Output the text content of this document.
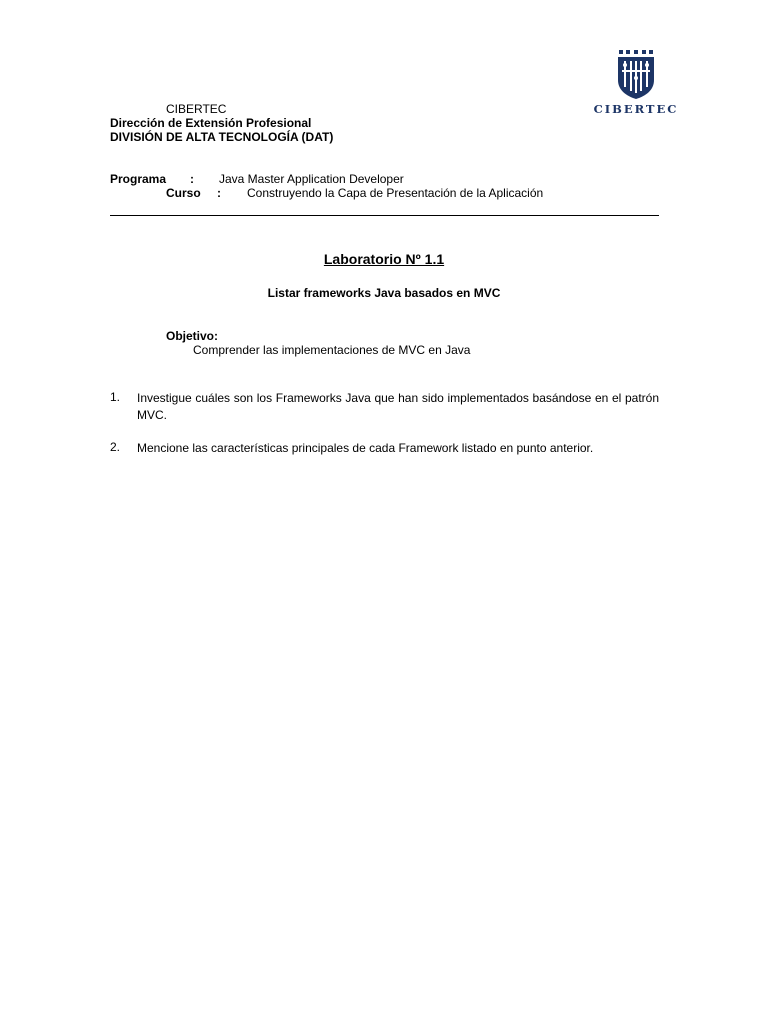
CIBERTEC
Dirección de Extensión Profesional
DIVISIÓN DE ALTA TECNOLOGÍA (DAT)
CIBERTEC
Programa : Java Master Application Developer
Curso : Construyendo la Capa de Presentación de la Aplicación
Laboratorio Nº 1.1
Listar frameworks Java basados en MVC
Objetivo:
Comprender las implementaciones de MVC en Java
1. Investigue cuáles son los Frameworks Java que han sido implementados basándose en el patrón MVC.
2. Mencione las características principales de cada Framework listado en punto anterior.
